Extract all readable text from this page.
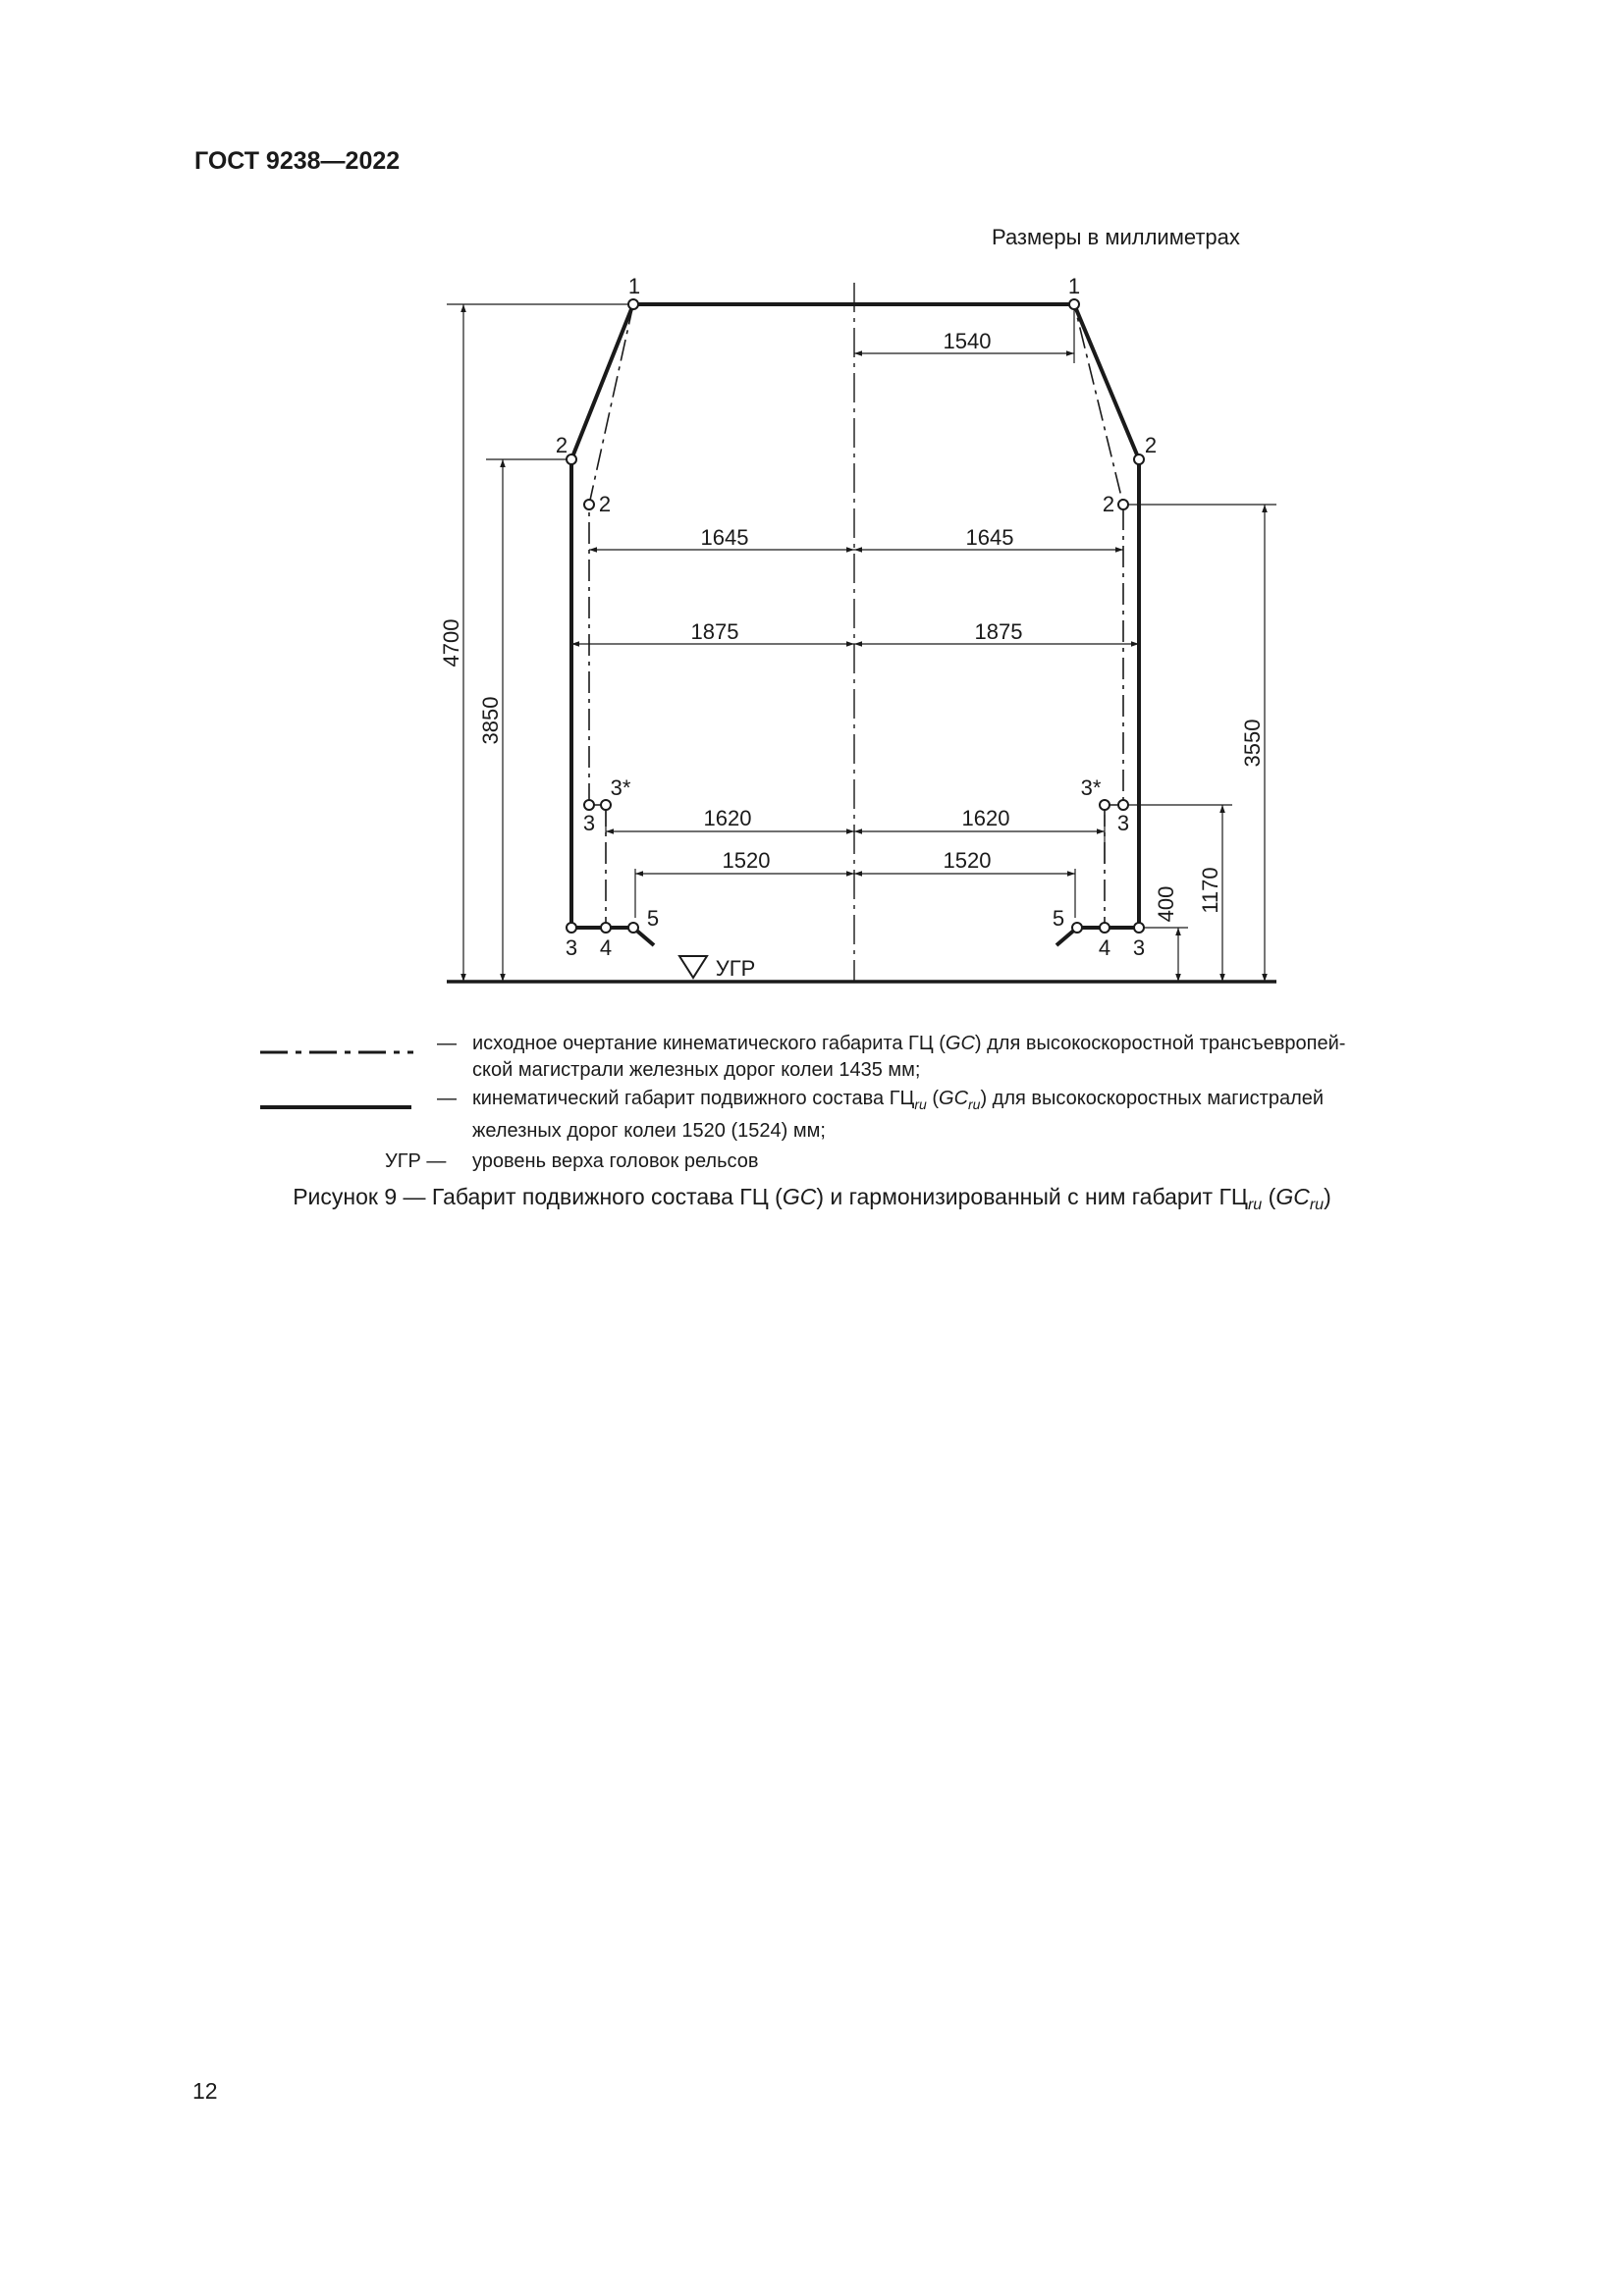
ГОСТ 9238—2022
Размеры в миллиметрах
1540
1645	1645
1875	1875
1620	1620
1520	1520
4700
3850	3550
1170
400
1	1
2	2
2	2
3*	3*
3	3
5	5
3 4	4 3
УГР
— исходное очертание кинематического габарита ГЦ (GC) для высокоскоростной трансъевропей-
ской магистрали железных дорог колеи 1435 мм;
— кинематический габарит подвижного состава $ГЦ_{ru}$ $(GC_{ru})$ для высокоскоростных магистралей
железных дорог колеи 1520 (1524) мм;
УГР — уровень верха головок рельсов
Рисунок 9 — Габарит подвижного состава ГЦ (GC) и гармонизированный с ним габарит $ГЦ_{ru}$ $(GC_{ru})$
12
